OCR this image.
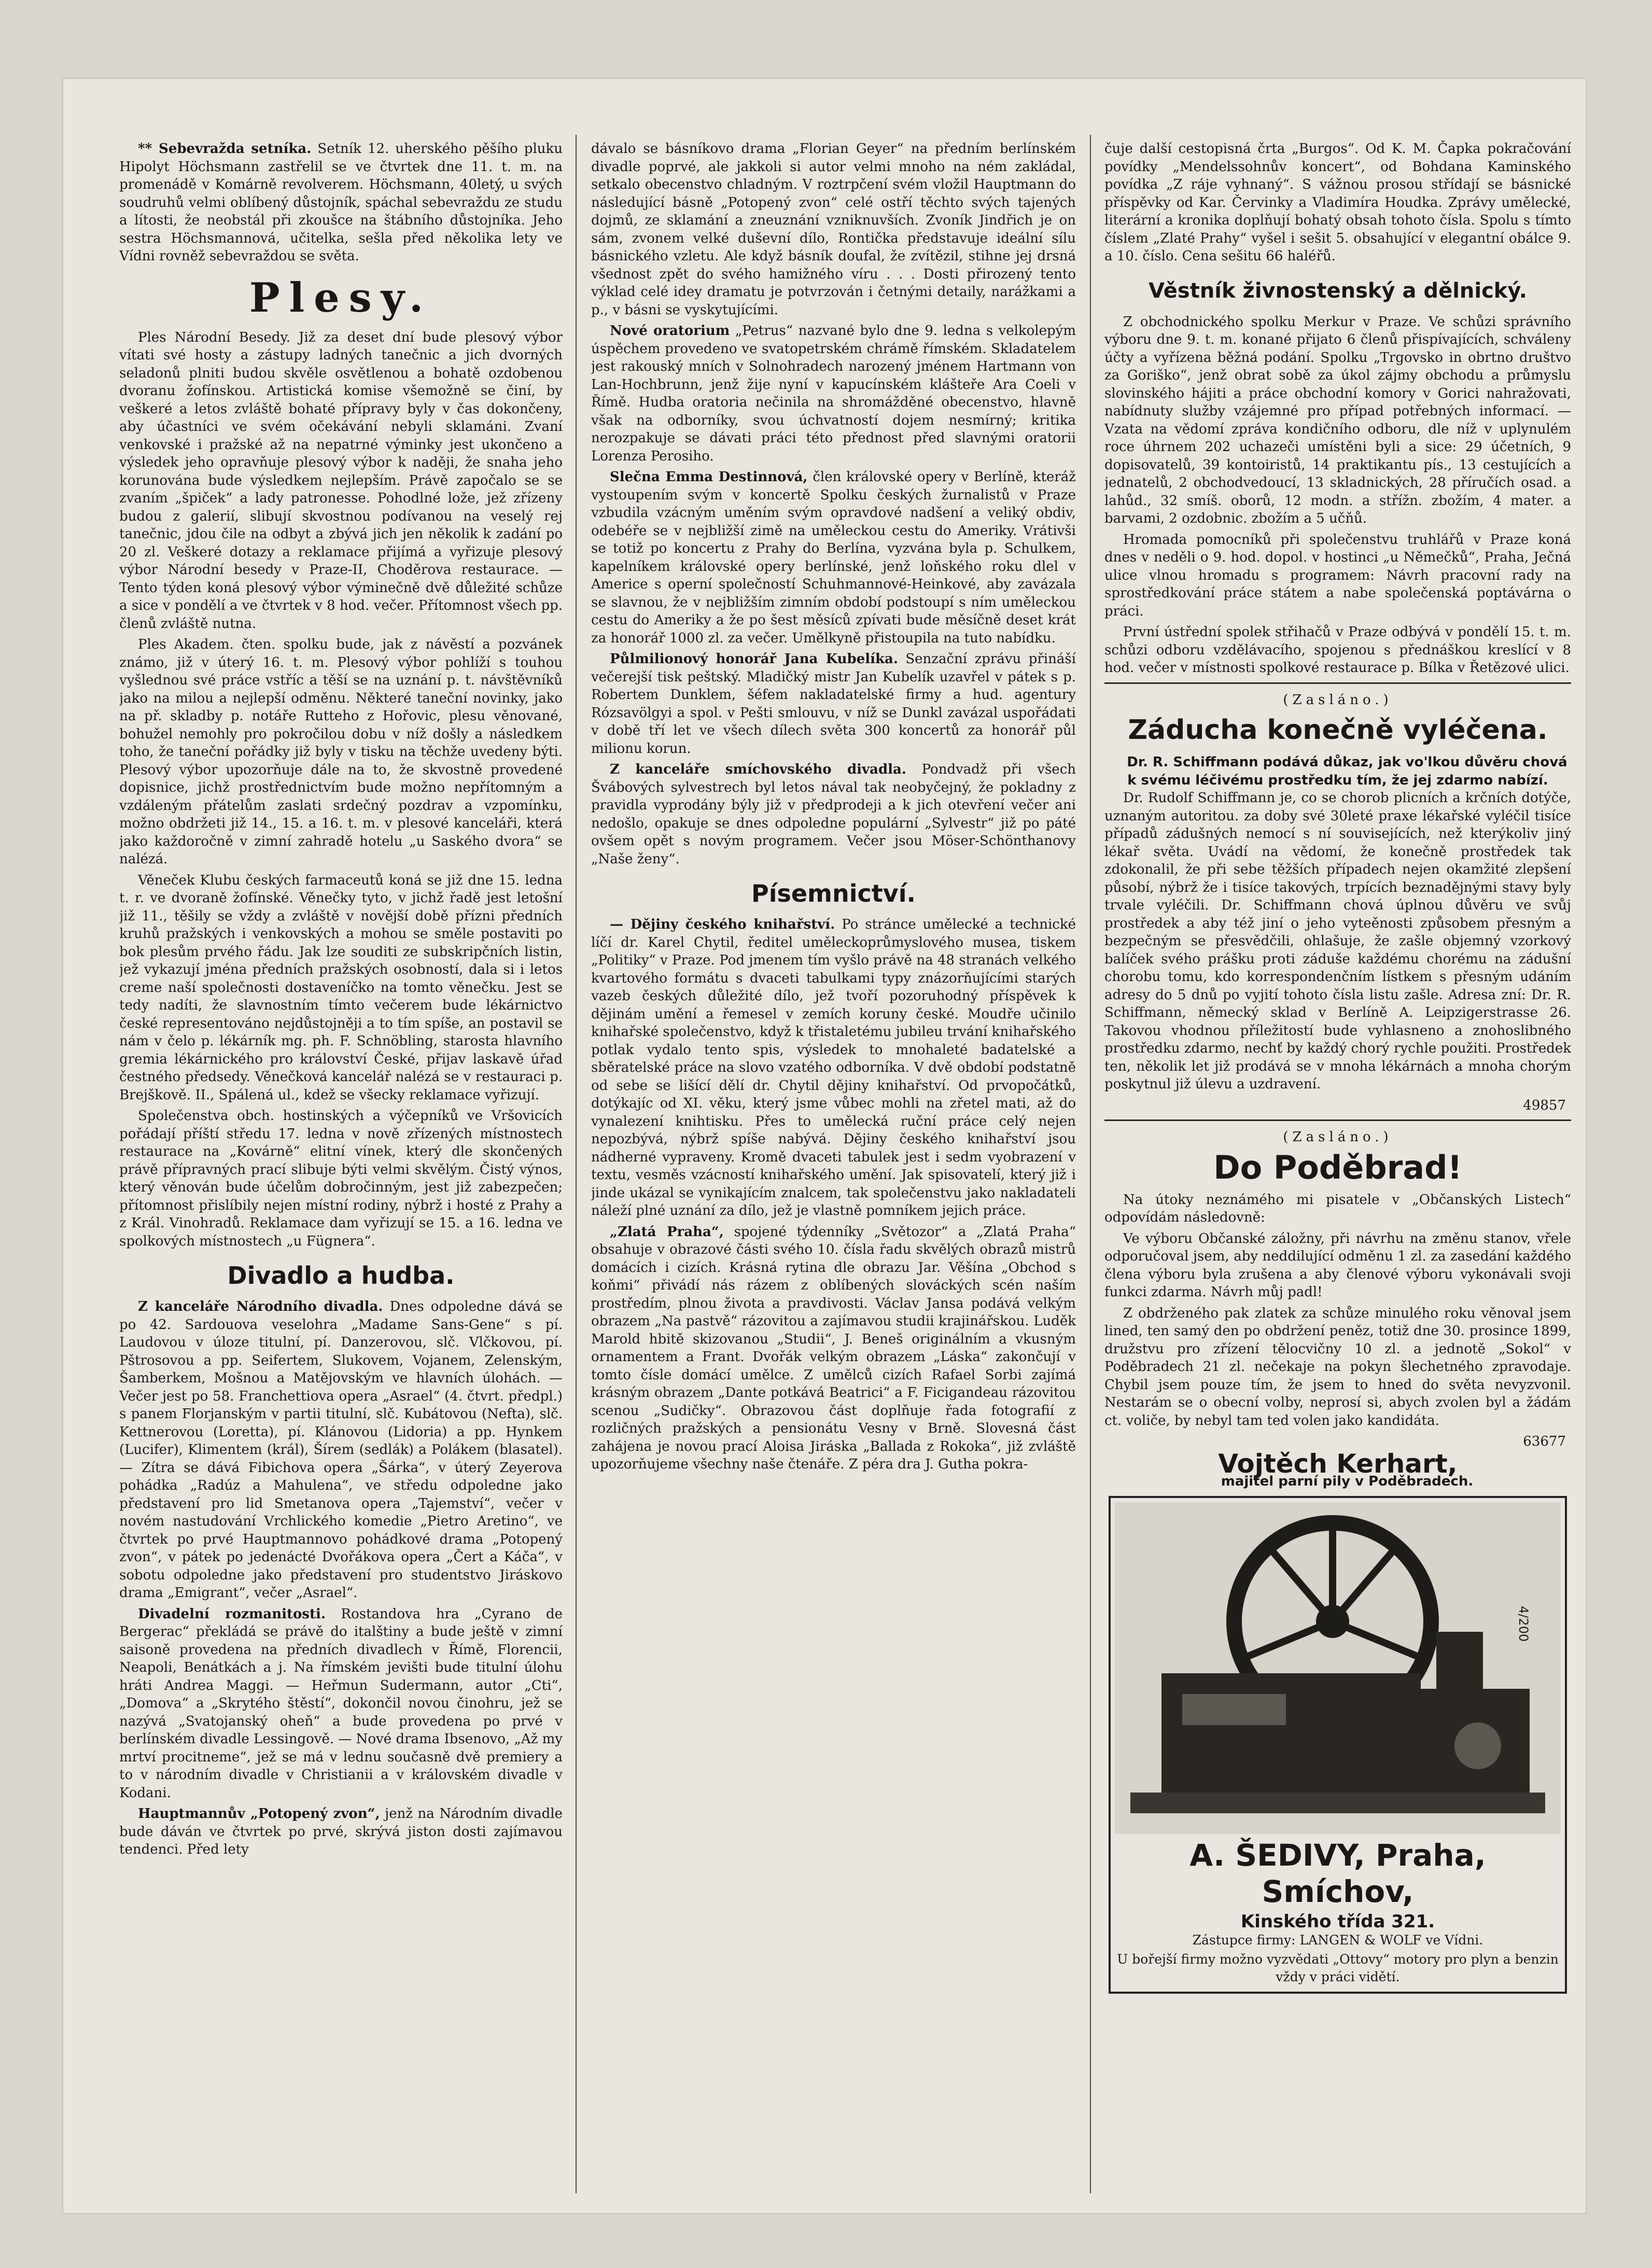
** Sebevražda setníka. Setník 12. uherského pěšího pluku Hipolyt Höchsmann zastřelil se ve čtvrtek dne 11. t. m. na promenádě v Komárně revolverem. Höchsmann, 40letý, u svých soudruhů velmi oblíbený důstojník, spáchal sebevraždu ze studu a lítosti, že neobstál při zkoušce na štábního důstojníka. Jeho sestra Höchsmannová, učitelka, sešla před několika lety ve Vídni rovněž sebevraždou se světa.

Plesy.

Ples Národní Besedy. Již za deset dní bude plesový výbor vítati své hosty a zástupy ladných tanečnic a jich dvorných seladonů plniti budou skvěle osvětlenou a bohatě ozdobenou dvoranu žofínskou. Artistická komise všemožně se činí, by veškeré a letos zvláště bohaté přípravy byly v čas dokončeny, aby účastníci ve svém očekávání nebyli sklamáni. Zvaní venkovské i pražské až na nepatrné výminky jest ukončeno a výsledek jeho opravňuje plesový výbor k naději, že snaha jeho korunována bude výsledkem nejlepším. Právě započalo se se zvaním „špiček“ a lady patronesse. Pohodlné lože, jež zřízeny budou z galerií, slibují skvostnou podívanou na veselý rej tanečnic, jdou čile na odbyt a zbývá jich jen několik k zadání po 20 zl. Veškeré dotazy a reklamace přijímá a vyřizuje plesový výbor Národní besedy v Praze-II, Choděrova restaurace. — Tento týden koná plesový výbor výminečně dvě důležité schůze a sice v pondělí a ve čtvrtek v 8 hod. večer. Přítomnost všech pp. členů zvláště nutna.

Ples Akadem. čten. spolku bude, jak z návěstí a pozvánek známo, již v úterý 16. t. m. Plesový výbor pohlíží s touhou vyšlednou své práce vstříc a těší se na uznání p. t. návštěvníků jako na milou a nejlepší odměnu. Některé taneční novinky, jako na př. skladby p. notáře Rutteho z Hořovic, plesu věnované, bohužel nemohly pro pokročilou dobu v níž došly a následkem toho, že taneční pořádky již byly v tisku na těchže uvedeny býti. Plesový výbor upozorňuje dále na to, že skvostně provedené dopisnice, jichž prostřednictvím bude možno nepřítomným a vzdáleným přátelům zaslati srdečný pozdrav a vzpomínku, možno obdržeti již 14., 15. a 16. t. m. v plesové kanceláři, která jako každoročně v zimní zahradě hotelu „u Saského dvora“ se nalézá.

Věneček Klubu českých farmaceutů koná se již dne 15. ledna t. r. ve dvoraně žofínské. Věnečky tyto, v jichž řadě jest letošní již 11., těšily se vždy a zvláště v novější době přízni předních kruhů pražských i venkovských a mohou se směle postaviti po bok plesům prvého řádu. Jak lze souditi ze subskripčních listin, jež vykazují jména předních pražských osobností, dala si i letos creme naší společnosti dostaveníčko na tomto věnečku. Jest se tedy nadíti, že slavnostním tímto večerem bude lékárnictvo české representováno nejdůstojněji a to tím spíše, an postavil se nám v čelo p. lékárník mg. ph. F. Schnöbling, starosta hlavního gremia lékárnického pro království České, přijav laskavě úřad čestného předsedy. Věnečková kancelář nalézá se v restauraci p. Brejškově. II., Spálená ul., kdež se všecky reklamace vyřizují.

Společenstva obch. hostinských a výčepníků ve Vršovicích pořádají příští středu 17. ledna v nově zřízených místnostech restaurace na „Kovárně“ elitní vínek, který dle skončených právě přípravných prací slibuje býti velmi skvělým. Čistý výnos, který věnován bude účelům dobročinným, jest již zabezpečen; přítomnost přislíbily nejen místní rodiny, nýbrž i hosté z Prahy a z Král. Vinohradů. Reklamace dam vyřizují se 15. a 16. ledna ve spolkových místnostech „u Fügnera“.

Divadlo a hudba.

Z kanceláře Národního divadla. Dnes odpoledne dává se po 42. Sardouova veselohra „Madame Sans-Gene“ s pí. Laudovou v úloze titulní, pí. Danzerovou, slč. Vlčkovou, pí. Pštrosovou a pp. Seifertem, Slukovem, Vojanem, Zelenským, Šamberkem, Mošnou a Matějovským ve hlavních úlohách. — Večer jest po 58. Franchettiova opera „Asrael“ (4. čtvrt. předpl.) s panem Florjanským v partii titulní, slč. Kubátovou (Nefta), slč. Kettnerovou (Loretta), pí. Klánovou (Lidoria) a pp. Hynkem (Lucifer), Klimentem (král), Šírem (sedlák) a Polákem (blasatel). — Zítra se dává Fibichova opera „Šárka“, v úterý Zeyerova pohádka „Radúz a Mahulena“, ve středu odpoledne jako představení pro lid Smetanova opera „Tajemství“, večer v novém nastudování Vrchlického komedie „Pietro Aretino“, ve čtvrtek po prvé Hauptmannovo pohádkové drama „Potopený zvon“, v pátek po jedenácté Dvořákova opera „Čert a Káča“, v sobotu odpoledne jako představení pro studentstvo Jiráskovo drama „Emigrant“, večer „Asrael“.

Divadelní rozmanitosti. Rostandova hra „Cyrano de Bergerac“ překládá se právě do italštiny a bude ještě v zimní saisoně provedena na předních divadlech v Římě, Florencii, Neapoli, Benátkách a j. Na římském jevišti bude titulní úlohu hráti Andrea Maggi. — Heřmun Sudermann, autor „Cti“, „Domova“ a „Skrytého štěstí“, dokončil novou činohru, jež se nazývá „Svatojanský oheň“ a bude provedena po prvé v berlínském divadle Lessingově. — Nové drama Ibsenovo, „Až my mrtví procitneme“, jež se má v lednu současně dvě premiery a to v národním divadle v Christianii a v královském divadle v Kodani.

Hauptmannův „Potopený zvon“, jenž na Národním divadle bude dáván ve čtvrtek po prvé, skrývá jiston dosti zajímavou tendenci. Před lety

dávalo se básníkovo drama „Florian Geyer“ na předním berlínském divadle poprvé, ale jakkoli si autor velmi mnoho na ném zakládal, setkalo obecenstvo chladným. V roztrpčení svém vložil Hauptmann do následující básně „Potopený zvon“ celé ostří těchto svých tajených dojmů, ze sklamání a zneuznání vzniknuvších. Zvoník Jindřich je on sám, zvonem velké duševní dílo, Rontička představuje ideální sílu básnického vzletu. Ale když básník doufal, že zvítězil, stihne jej drsná všednost zpět do svého hamižného víru . . . Dosti přirozený tento výklad celé idey dramatu je potvrzován i četnými detaily, narážkami a p., v básni se vyskytujícími.

Nové oratorium „Petrus“ nazvané bylo dne 9. ledna s velkolepým úspěchem provedeno ve svatopetrském chrámě římském. Skladatelem jest rakouský mních v Solnohradech narozený jménem Hartmann von Lan-Hochbrunn, jenž žije nyní v kapucínském klášteře Ara Coeli v Římě. Hudba oratoria nečinila na shromážděné obecenstvo, hlavně však na odborníky, svou úchvatností dojem nesmírný; kritika nerozpakuje se dávati práci této přednost před slavnými oratorii Lorenza Perosiho.

Slečna Emma Destinnová, člen královské opery v Berlíně, kteráž vystoupením svým v koncertě Spolku českých žurnalistů v Praze vzbudila vzácným uměním svým opravdové nadšení a veliký obdiv, odebéře se v nejbližší zimě na uměleckou cestu do Ameriky. Vrátivši se totiž po koncertu z Prahy do Berlína, vyzvána byla p. Schulkem, kapelníkem královské opery berlínské, jenž loňského roku dlel v Americe s operní společností Schuhmannové-Heinkové, aby zavázala se slavnou, že v nejbližším zimním období podstoupí s ním uměleckou cestu do Ameriky a že po šest měsíců zpívati bude měsíčně deset krát za honorář 1000 zl. za večer. Umělkyně přistoupila na tuto nabídku.

Půlmilionový honorář Jana Kubelíka. Senzační zprávu přináší večerejší tisk peštský. Mladičký mistr Jan Kubelík uzavřel v pátek s p. Robertem Dunklem, šéfem nakladatelské firmy a hud. agentury Rózsavölgyi a spol. v Pešti smlouvu, v níž se Dunkl zavázal uspořádati v době tří let ve všech dílech světa 300 koncertů za honorář půl milionu korun.

Z kanceláře smíchovského divadla. Pondvadž při všech Švábových sylvestrech byl letos nával tak neobyčejný, že pokladny z pravidla vyprodány býly již v předprodeji a k jich otevření večer ani nedošlo, opakuje se dnes odpoledne populární „Sylvestr“ již po páté ovšem opět s novým programem. Večer jsou Möser-Schönthanovy „Naše ženy“.

Písemnictví.

— Dějiny českého knihařství. Po stránce umělecké a technické líčí dr. Karel Chytil, ředitel uměleckoprůmyslového musea, tiskem „Politiky“ v Praze. Pod jmenem tím vyšlo právě na 48 stranách velkého kvartového formátu s dvaceti tabulkami typy znázorňujícími starých vazeb českých důležité dílo, jež tvoří pozoruhodný příspěvek k dějinám umění a řemesel v zemích koruny české. Moudře učinilo knihařské společenstvo, když k třistaletému jubileu trvání knihařského potlak vydalo tento spis, výsledek to mnohaleté badatelské a sběratelské práce na slovo vzatého odborníka. V dvě období podstatně od sebe se lišící dělí dr. Chytil dějiny knihařství. Od prvopočátků, dotýkajíc od XI. věku, který jsme vůbec mohli na zřetel mati, až do vynalezení knihtisku. Přes to umělecká ruční práce celý nejen nepozbývá, nýbrž spíše nabývá. Dějiny českého knihařství jsou nádherné vypraveny. Kromě dvaceti tabulek jest i sedm vyobrazení v textu, vesměs vzácností knihařského umění. Jak spisovatelí, který již i jinde ukázal se vynikajícím znalcem, tak společenstvu jako nakladateli náleží plné uznání za dílo, jež je vlastně pomníkem jejich práce.

„Zlatá Praha“, spojené týdenníky „Světozor“ a „Zlatá Praha“ obsahuje v obrazové části svého 10. čísla řadu skvělých obrazů mistrů domácích i cizích. Krásná rytina dle obrazu Jar. Věšína „Obchod s koňmi“ přivádí nás rázem z oblíbených slováckých scén naším prostředím, plnou života a pravdivosti. Václav Jansa podává velkým obrazem „Na pastvě“ rázovitou a zajímavou studii krajinářskou. Luděk Marold hbitě skizovanou „Studii“, J. Beneš originálním a vkusným ornamentem a Frant. Dvořák velkým obrazem „Láska“ zakončují v tomto čísle domácí umělce. Z umělců cizích Rafael Sorbi zajímá krásným obrazem „Dante potkává Beatrici“ a F. Ficigandeau rázovitou scenou „Sudičky“. Obrazovou část doplňuje řada fotografií z rozličných pražských a pensionátu Vesny v Brně. Slovesná část zahájena je novou prací Aloisa Jiráska „Ballada z Rokoka“, již zvláště upozorňujeme všechny naše čtenáře. Z péra dra J. Gutha pokra-

čuje další cestopisná črta „Burgos“. Od K. M. Čapka pokračování povídky „Mendelssohnův koncert“, od Bohdana Kaminského povídka „Z ráje vyhnaný“. S vážnou prosou střídají se básnické příspěvky od Kar. Červinky a Vladimíra Houdka. Zprávy umělecké, literární a kronika doplňují bohatý obsah tohoto čísla. Spolu s tímto číslem „Zlaté Prahy“ vyšel i sešit 5. obsahující v elegantní obálce 9. a 10. číslo. Cena sešitu 66 haléřů.

Věstník živnostenský a dělnický.

Z obchodnického spolku Merkur v Praze. Ve schůzi správního výboru dne 9. t. m. konané přijato 6 členů přispívajících, schváleny účty a vyřízena běžná podání. Spolku „Trgovsko in obrtno društvo za Goriško“, jenž obrat sobě za úkol zájmy obchodu a průmyslu slovinského hájiti a práce obchodní komory v Gorici nahražovati, nabídnuty služby vzájemné pro případ potřebných informací. — Vzata na vědomí zpráva kondičního odboru, dle níž v uplynulém roce úhrnem 202 uchazeči umístěni byli a sice: 29 účetních, 9 dopisovatelů, 39 kontoiristů, 14 praktikantu pís., 13 cestujících a jednatelů, 2 obchodvedoucí, 13 skladnických, 28 příručích osad. a lahůd., 32 smíš. oborů, 12 modn. a střížn. zbožím, 4 mater. a barvami, 2 ozdobnic. zbožím a 5 učňů.

Hromada pomocníků při společenstvu truhlářů v Praze koná dnes v neděli o 9. hod. dopol. v hostinci „u Němečků“, Praha, Ječná ulice vlnou hromadu s programem: Návrh pracovní rady na sprostředkování práce státem a nabe společenská poptávárna o práci.

První ústřední spolek střihačů v Praze odbývá v pondělí 15. t. m. schůzi odboru vzdělávacího, spojenou s přednáškou kreslící v 8 hod. večer v místnosti spolkové restaurace p. Bílka v Řetězové ulici.

(Zasláno.)
Záducha konečně vyléčena.

Dr. R. Schiffmann podává důkaz, jak vo'lkou důvěru chová k svému léčivému prostředku tím, že jej zdarmo nabízí.

Dr. Rudolf Schiffmann je, co se chorob plicních a krčních dotýče, uznaným autoritou. za doby své 30leté praxe lékařské vyléčil tisíce případů zádušných nemocí s ní souvisejících, než kterýkoliv jiný lékař světa. Uvádí na vědomí, že konečně prostředek tak zdokonalil, že při sebe těžších případech nejen okamžité zlepšení působí, nýbrž že i tisíce takových, trpících beznadějnými stavy byly trvale vyléčili. Dr. Schiffmann chová úplnou důvěru ve svůj prostředek a aby též jiní o jeho vyteěnosti způsobem přesným a bezpečným se přesvědčili, ohlašuje, že zašle objemný vzorkový balíček svého prášku proti záduše každému chorému na zádušní chorobu tomu, kdo korrespondenčním lístkem s přesným udáním adresy do 5 dnů po vyjití tohoto čísla listu zašle. Adresa zní: Dr. R. Schiffmann, německý sklad v Berlíně A. Leipzigerstrasse 26. Takovou vhodnou příležitostí bude vyhlasneno a znohoslibného prostředku zdarmo, nechť by každý chorý rychle použiti. Prostředek ten, několik let již prodává se v mnoha lékárnách a mnoha chorým poskytnul již úlevu a uzdravení.

49857
(Zasláno.)
Do Poděbrad!

Na útoky neznámého mi pisatele v „Občanských Listech“ odpovídám následovně:

Ve výboru Občanské záložny, při návrhu na změnu stanov, vřele odporučoval jsem, aby neddilující odměnu 1 zl. za zasedání každého člena výboru byla zrušena a aby členové výboru vykonávali svoji funkci zdarma. Návrh můj padl!

Z obdrženého pak zlatek za schůze minulého roku věnoval jsem lined, ten samý den po obdržení peněz, totiž dne 30. prosince 1899, družstvu pro zřízení tělocvičny 10 zl. a jednotě „Sokol“ v Poděbradech 21 zl. nečekaje na pokyn šlechetného zpravodaje. Chybil jsem pouze tím, že jsem to hned do světa nevyzvonil. Nestarám se o obecní volby, neprosí si, abych zvolen byl a žádám ct. voliče, by nebyl tam ted volen jako kandidáta.

63677
Vojtěch Kerhart,

majitel parní pily v Poděbradech.

4/200
A. ŠEDIVY, Praha, Smíchov,
Kinského třída 321.
Zástupce firmy: LANGEN & WOLF ve Vídni.
U bořejší firmy možno vyzvědati „Ottovy“ motory pro plyn a benzin vždy v práci vidětí.
